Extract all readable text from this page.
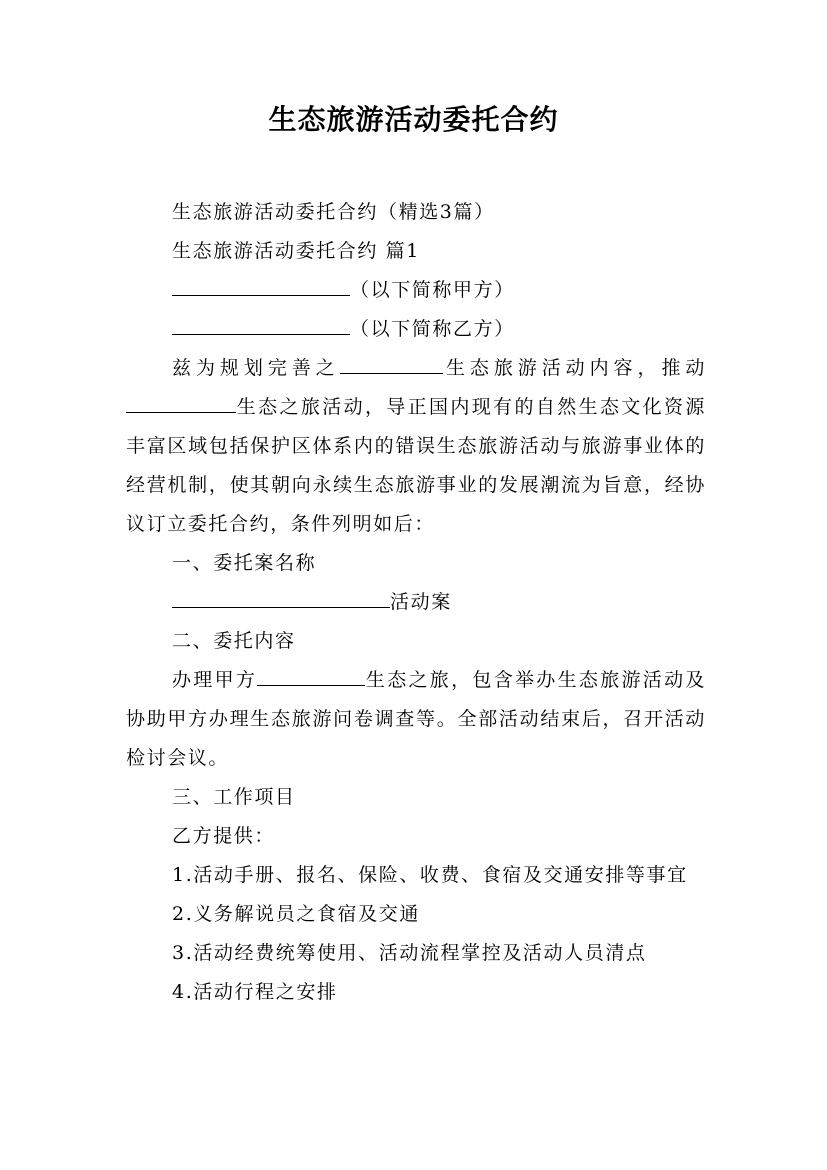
生态旅游活动委托合约

生态旅游活动委托合约（精选3篇）

生态旅游活动委托合约 篇1

（以下简称甲方）

（以下简称乙方）

兹为规划完善之	生态旅游活动内容，推动生态之旅活动，导正国内现有的自然生态文化资源丰富区域包括保护区体系内的错误生态旅游活动与旅游事业体的经营机制，使其朝向永续生态旅游事业的发展潮流为旨意，经协议订立委托合约，条件列明如后：

一、委托案名称

活动案

二、委托内容

办理甲方	生态之旅，包含举办生态旅游活动及协助甲方办理生态旅游问卷调查等。全部活动结束后，召开活动检讨会议。

三、工作项目

乙方提供：

1.活动手册、报名、保险、收费、食宿及交通安排等事宜

2.义务解说员之食宿及交通

3.活动经费统筹使用、活动流程掌控及活动人员清点

4.活动行程之安排
